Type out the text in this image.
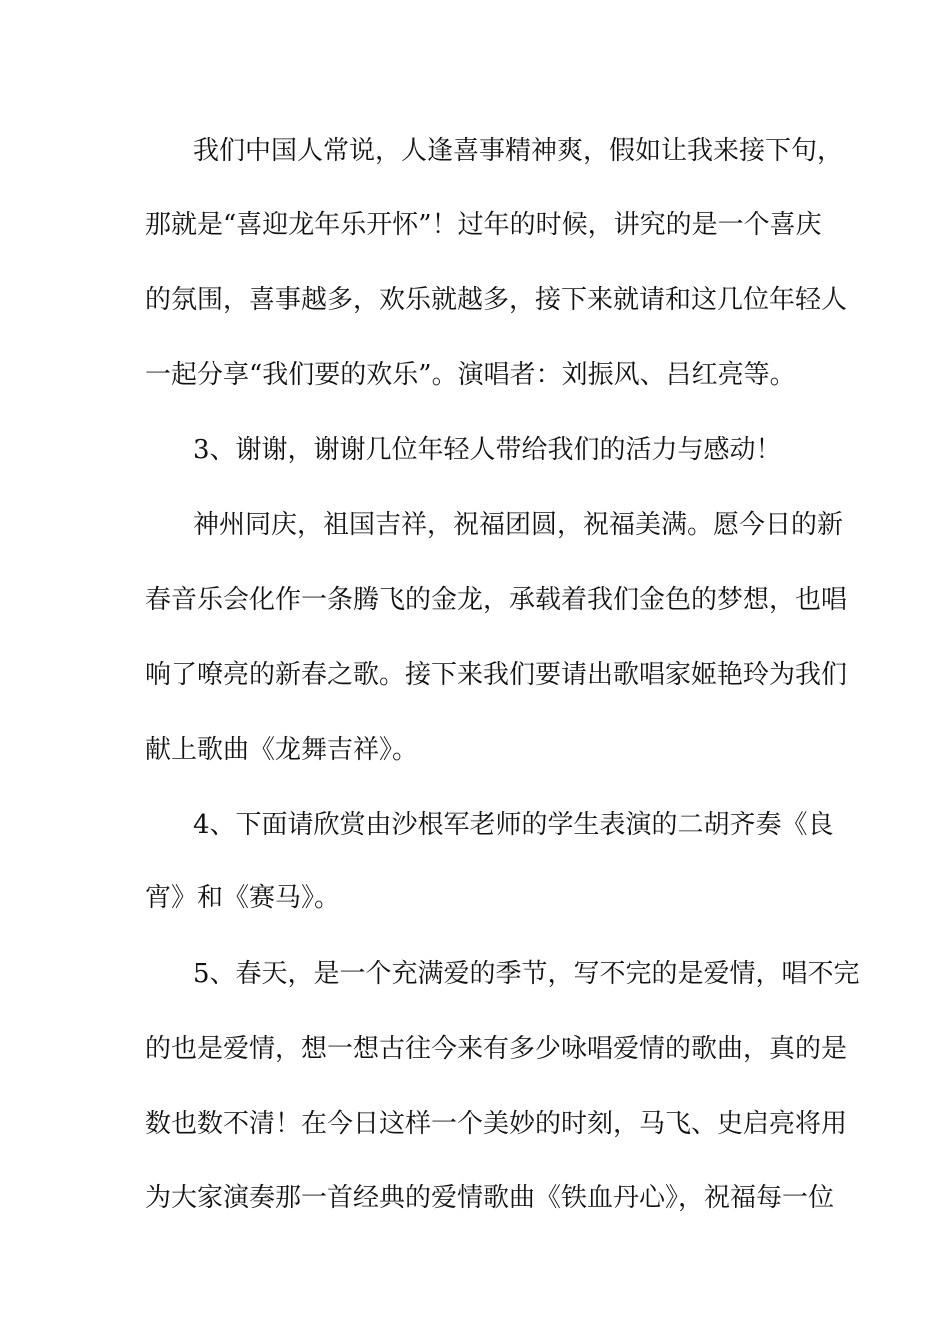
我们中国人常说，人逢喜事精神爽，假如让我来接下句，
那就是“喜迎龙年乐开怀”！过年的时候，讲究的是一个喜庆
的氛围，喜事越多，欢乐就越多，接下来就请和这几位年轻人
一起分享“我们要的欢乐”。演唱者：刘振风、吕红亮等。
3、谢谢，谢谢几位年轻人带给我们的活力与感动！
神州同庆，祖国吉祥，祝福团圆，祝福美满。愿今日的新
春音乐会化作一条腾飞的金龙，承载着我们金色的梦想，也唱
响了嘹亮的新春之歌。接下来我们要请出歌唱家姬艳玲为我们
献上歌曲《龙舞吉祥》。
4、下面请欣赏由沙根军老师的学生表演的二胡齐奏《良
宵》和《赛马》。
5、春天，是一个充满爱的季节，写不完的是爱情，唱不完
的也是爱情，想一想古往今来有多少咏唱爱情的歌曲，真的是
数也数不清！在今日这样一个美妙的时刻，马飞、史启亮将用
为大家演奏那一首经典的爱情歌曲《铁血丹心》，祝福每一位
